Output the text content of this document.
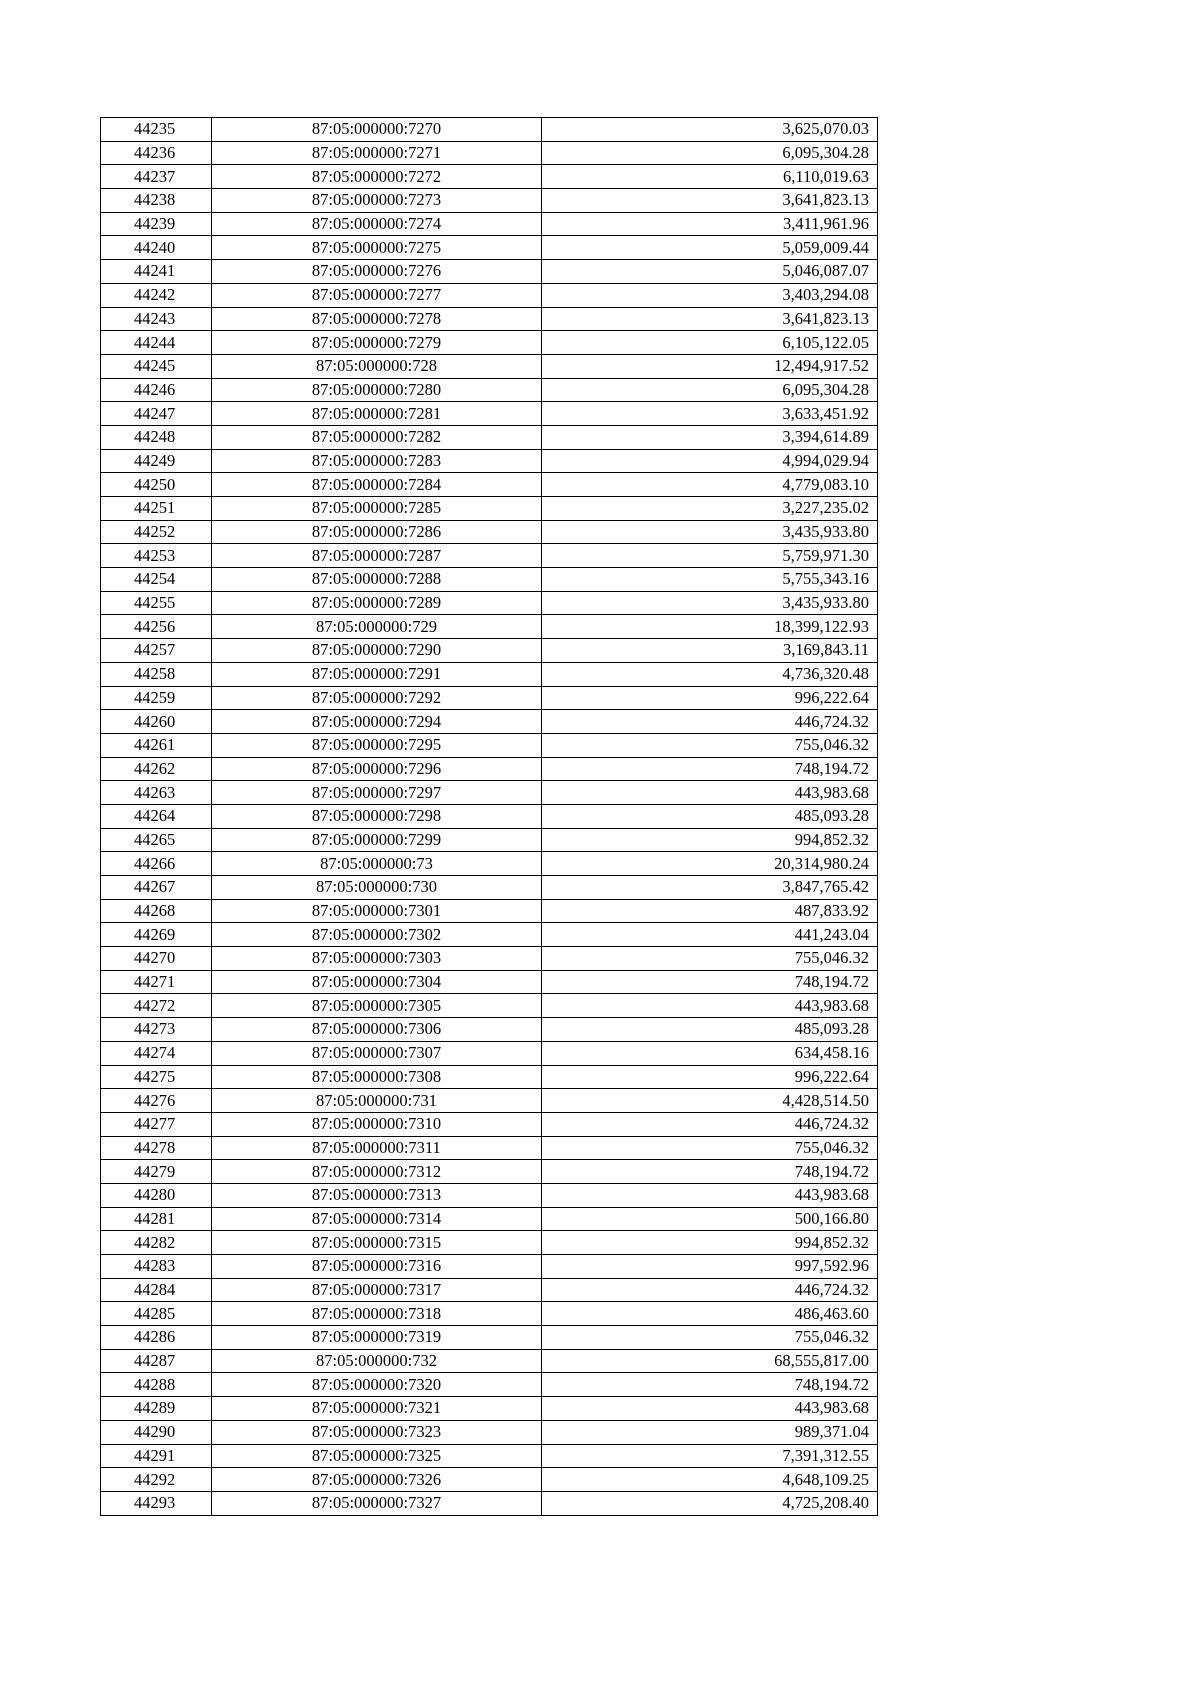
44235	87:05:000000:7270	3,625,070.03
44236	87:05:000000:7271	6,095,304.28
44237	87:05:000000:7272	6,110,019.63
44238	87:05:000000:7273	3,641,823.13
44239	87:05:000000:7274	3,411,961.96
44240	87:05:000000:7275	5,059,009.44
44241	87:05:000000:7276	5,046,087.07
44242	87:05:000000:7277	3,403,294.08
44243	87:05:000000:7278	3,641,823.13
44244	87:05:000000:7279	6,105,122.05
44245	87:05:000000:728	12,494,917.52
44246	87:05:000000:7280	6,095,304.28
44247	87:05:000000:7281	3,633,451.92
44248	87:05:000000:7282	3,394,614.89
44249	87:05:000000:7283	4,994,029.94
44250	87:05:000000:7284	4,779,083.10
44251	87:05:000000:7285	3,227,235.02
44252	87:05:000000:7286	3,435,933.80
44253	87:05:000000:7287	5,759,971.30
44254	87:05:000000:7288	5,755,343.16
44255	87:05:000000:7289	3,435,933.80
44256	87:05:000000:729	18,399,122.93
44257	87:05:000000:7290	3,169,843.11
44258	87:05:000000:7291	4,736,320.48
44259	87:05:000000:7292	996,222.64
44260	87:05:000000:7294	446,724.32
44261	87:05:000000:7295	755,046.32
44262	87:05:000000:7296	748,194.72
44263	87:05:000000:7297	443,983.68
44264	87:05:000000:7298	485,093.28
44265	87:05:000000:7299	994,852.32
44266	87:05:000000:73	20,314,980.24
44267	87:05:000000:730	3,847,765.42
44268	87:05:000000:7301	487,833.92
44269	87:05:000000:7302	441,243.04
44270	87:05:000000:7303	755,046.32
44271	87:05:000000:7304	748,194.72
44272	87:05:000000:7305	443,983.68
44273	87:05:000000:7306	485,093.28
44274	87:05:000000:7307	634,458.16
44275	87:05:000000:7308	996,222.64
44276	87:05:000000:731	4,428,514.50
44277	87:05:000000:7310	446,724.32
44278	87:05:000000:7311	755,046.32
44279	87:05:000000:7312	748,194.72
44280	87:05:000000:7313	443,983.68
44281	87:05:000000:7314	500,166.80
44282	87:05:000000:7315	994,852.32
44283	87:05:000000:7316	997,592.96
44284	87:05:000000:7317	446,724.32
44285	87:05:000000:7318	486,463.60
44286	87:05:000000:7319	755,046.32
44287	87:05:000000:732	68,555,817.00
44288	87:05:000000:7320	748,194.72
44289	87:05:000000:7321	443,983.68
44290	87:05:000000:7323	989,371.04
44291	87:05:000000:7325	7,391,312.55
44292	87:05:000000:7326	4,648,109.25
44293	87:05:000000:7327	4,725,208.40
